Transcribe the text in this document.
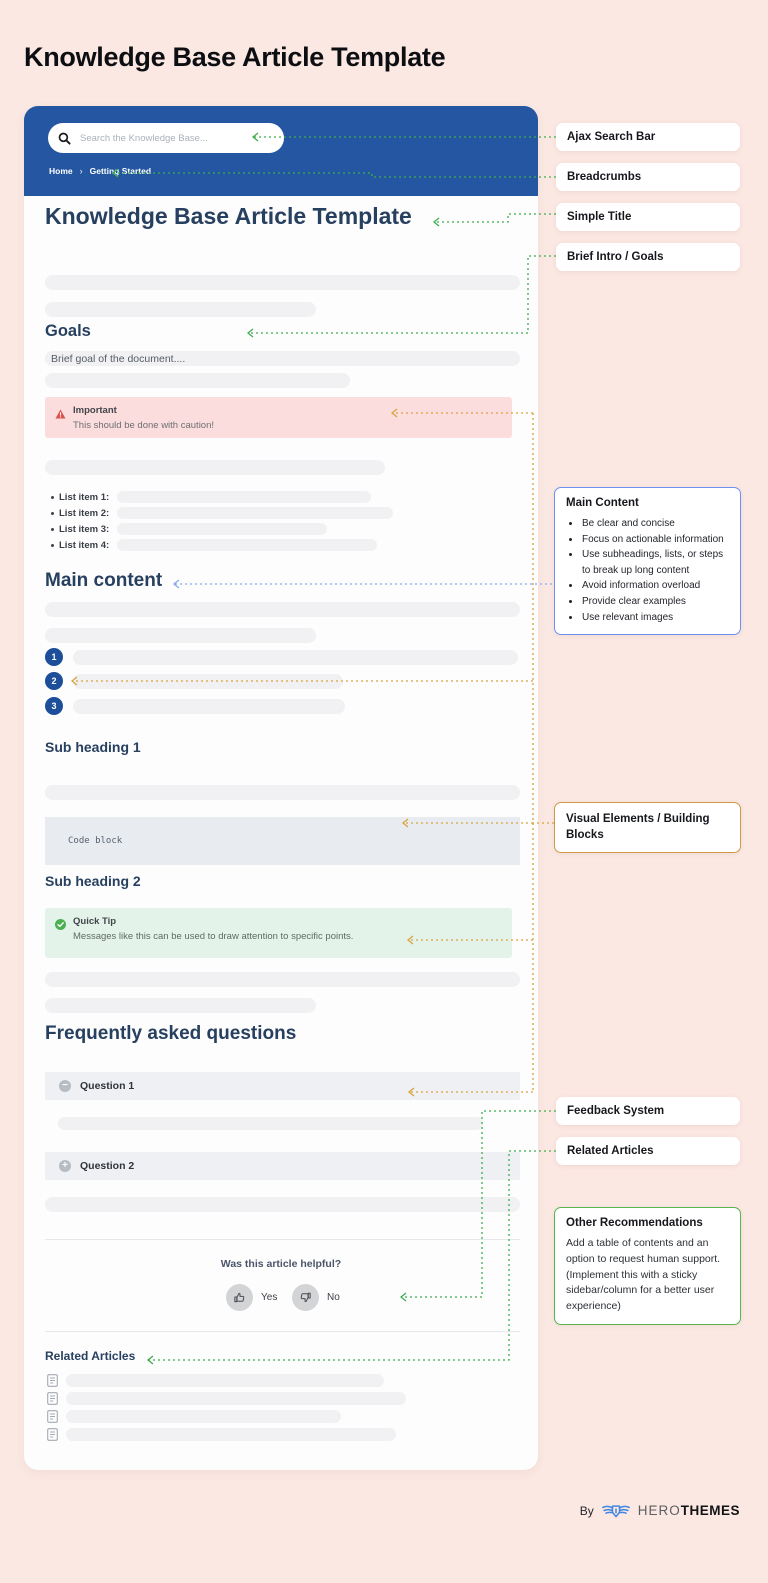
Knowledge Base Article Template
Search the Knowledge Base...
Home › Getting Started
Knowledge Base Article Template
Goals
Brief goal of the document....
Important
This should be done with caution!
List item 1:
List item 2:
List item 3:
List item 4:
Main content
1
2
3
Sub heading 1
Code block
Sub heading 2
Quick Tip
Messages like this can be used to draw attention to specific points.
Frequently asked questions
− Question 1
+ Question 2
Was this article helpful?
Yes	No
Related Articles
Ajax Search Bar
Breadcrumbs
Simple Title
Brief Intro / Goals
Main Content
• Be clear and concise
• Focus on actionable information
• Use subheadings, lists, or steps to break up long content
• Avoid information overload
• Provide clear examples
• Use relevant images
Visual Elements / Building Blocks
Feedback System
Related Articles
Other Recommendations
Add a table of contents and an option to request human support. (Implement this with a sticky sidebar/column for a better user experience)
By	HERO THEMES
